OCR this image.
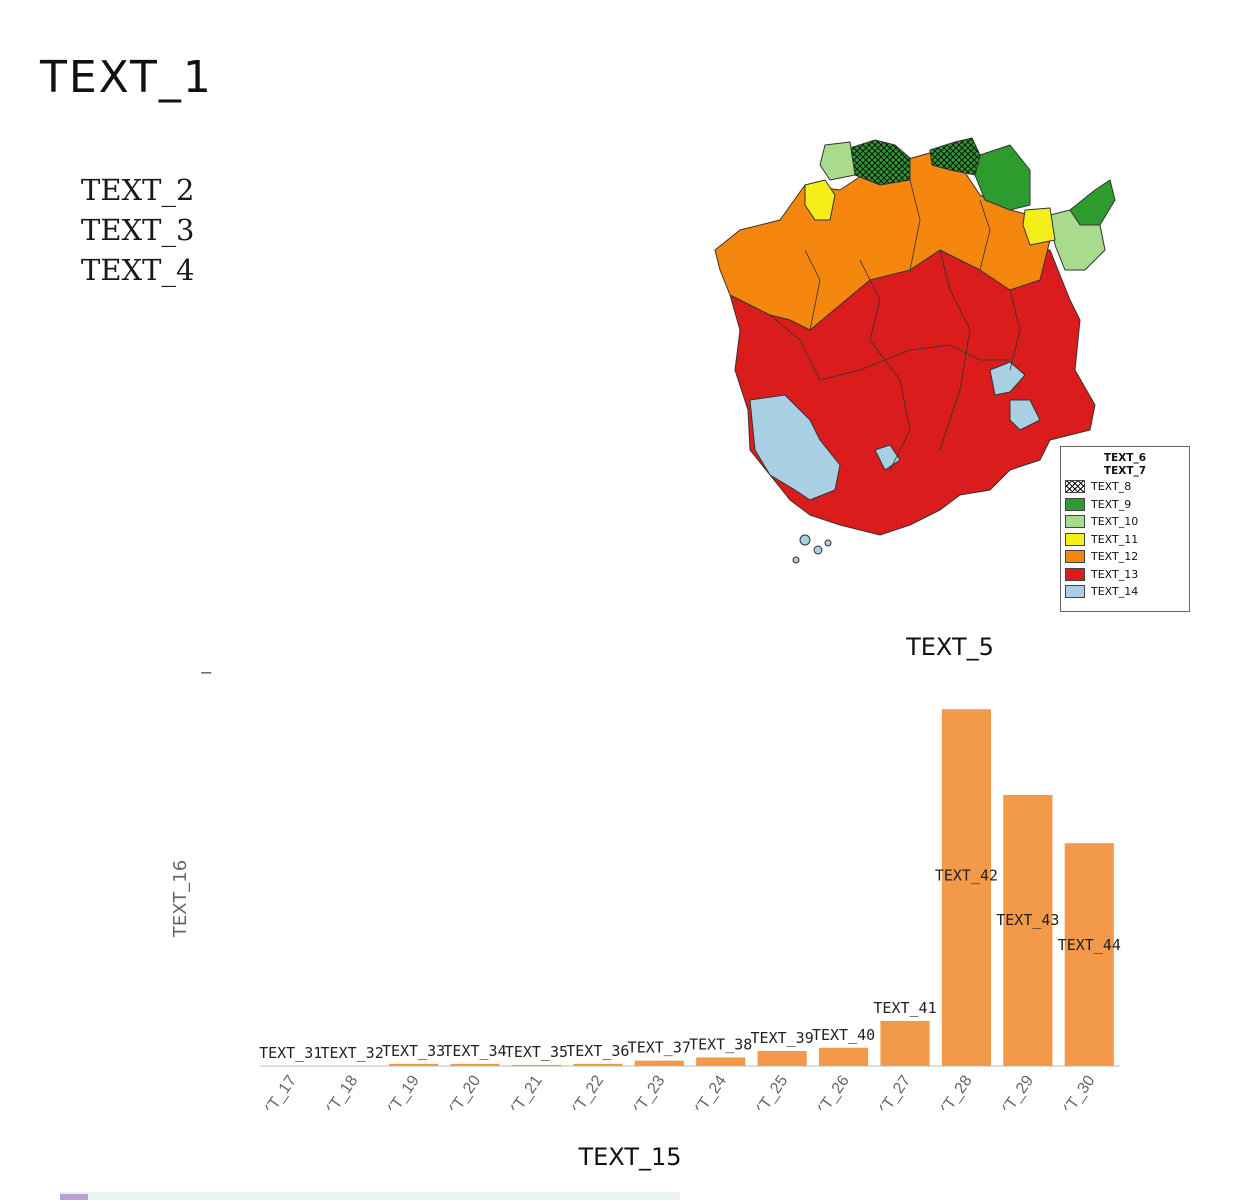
TEXT_1

TEXT_2

TEXT_3

TEXT_4

TEXT_6
TEXT_7
TEXT_8
TEXT_9
TEXT_10
TEXT_11
TEXT_12
TEXT_13
TEXT_14
TEXT_5
TEXT_16
TEXT_31
TEXT_17
TEXT_32
TEXT_18
TEXT_33
TEXT_19
TEXT_34
TEXT_20
TEXT_35
TEXT_21
TEXT_36
TEXT_22
TEXT_37
TEXT_23
TEXT_38
TEXT_24
TEXT_39
TEXT_25
TEXT_40
TEXT_26
TEXT_41
TEXT_27
TEXT_42
TEXT_28
TEXT_43
TEXT_29
TEXT_44
TEXT_30
TEXT_15
